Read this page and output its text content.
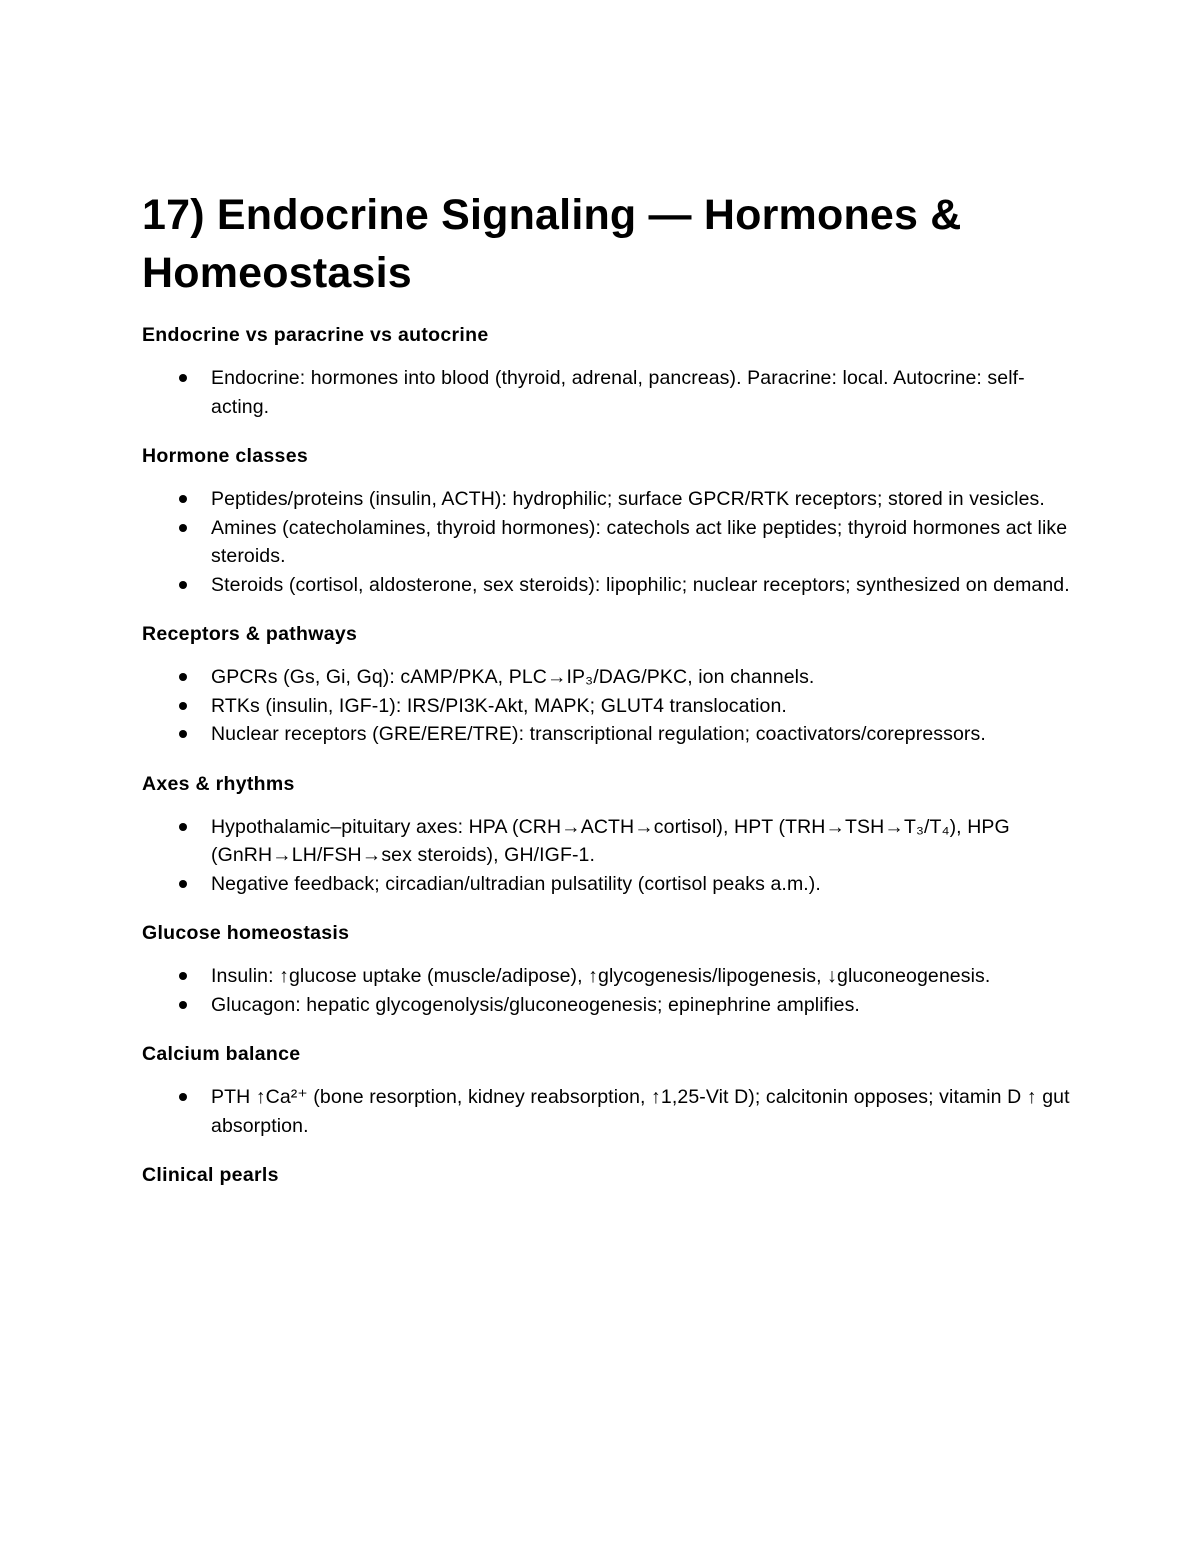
17) Endocrine Signaling — Hormones & Homeostasis
Endocrine vs paracrine vs autocrine
Endocrine: hormones into blood (thyroid, adrenal, pancreas). Paracrine: local. Autocrine: self-acting.
Hormone classes
Peptides/proteins (insulin, ACTH): hydrophilic; surface GPCR/RTK receptors; stored in vesicles.
Amines (catecholamines, thyroid hormones): catechols act like peptides; thyroid hormones act like steroids.
Steroids (cortisol, aldosterone, sex steroids): lipophilic; nuclear receptors; synthesized on demand.
Receptors & pathways
GPCRs (Gs, Gi, Gq): cAMP/PKA, PLC→IP₃/DAG/PKC, ion channels.
RTKs (insulin, IGF-1): IRS/PI3K-Akt, MAPK; GLUT4 translocation.
Nuclear receptors (GRE/ERE/TRE): transcriptional regulation; coactivators/corepressors.
Axes & rhythms
Hypothalamic–pituitary axes: HPA (CRH→ACTH→cortisol), HPT (TRH→TSH→T₃/T₄), HPG (GnRH→LH/FSH→sex steroids), GH/IGF-1.
Negative feedback; circadian/ultradian pulsatility (cortisol peaks a.m.).
Glucose homeostasis
Insulin: ↑glucose uptake (muscle/adipose), ↑glycogenesis/lipogenesis, ↓gluconeogenesis.
Glucagon: hepatic glycogenolysis/gluconeogenesis; epinephrine amplifies.
Calcium balance
PTH ↑Ca²⁺ (bone resorption, kidney reabsorption, ↑1,25-Vit D); calcitonin opposes; vitamin D ↑ gut absorption.
Clinical pearls
